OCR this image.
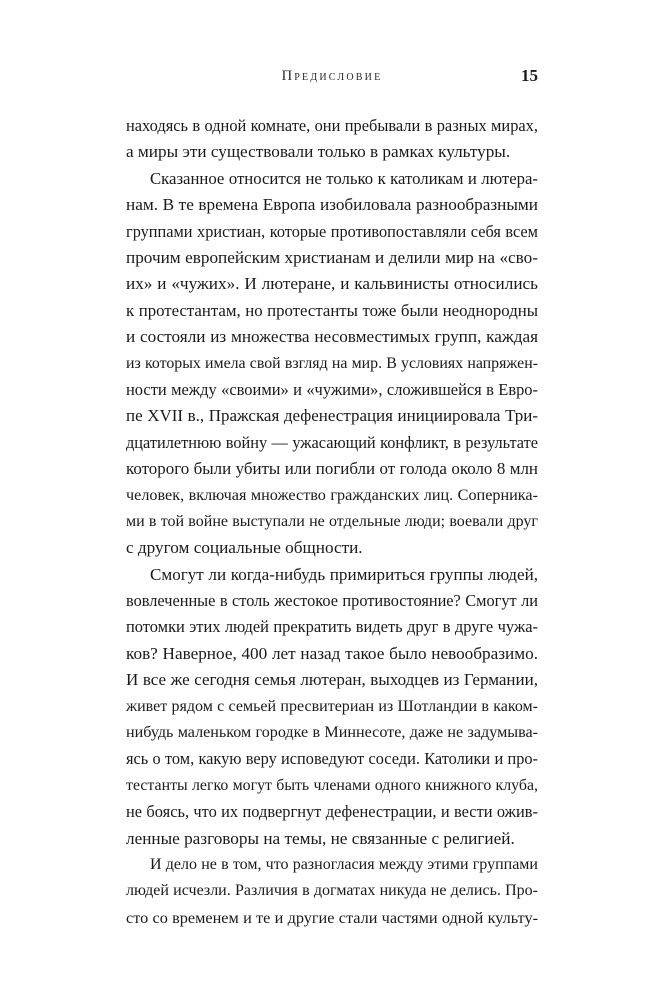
Предисловие	15
находясь в одной комнате, они пребывали в разных мирах,
а миры эти существовали только в рамках культуры.
Сказанное относится не только к католикам и лютера-
нам. В те времена Европа изобиловала разнообразными
группами христиан, которые противопоставляли себя всем
прочим европейским христианам и делили мир на «сво-
их» и «чужих». И лютеране, и кальвинисты относились
к протестантам, но протестанты тоже были неоднородны
и состояли из множества несовместимых групп, каждая
из которых имела свой взгляд на мир. В условиях напряжен-
ности между «своими» и «чужими», сложившейся в Евро-
пе XVII в., Пражская дефенестрация инициировала Три-
дцатилетнюю войну — ужасающий конфликт, в результате
которого были убиты или погибли от голода около 8 млн
человек, включая множество гражданских лиц. Соперника-
ми в той войне выступали не отдельные люди; воевали друг
с другом социальные общности.
Смогут ли когда-нибудь примириться группы людей,
вовлеченные в столь жестокое противостояние? Смогут ли
потомки этих людей прекратить видеть друг в друге чужа-
ков? Наверное, 400 лет назад такое было невообразимо.
И все же сегодня семья лютеран, выходцев из Германии,
живет рядом с семьей пресвитериан из Шотландии в каком-
нибудь маленьком городке в Миннесоте, даже не задумыва-
ясь о том, какую веру исповедуют соседи. Католики и про-
тестанты легко могут быть членами одного книжного клуба,
не боясь, что их подвергнут дефенестрации, и вести ожив-
ленные разговоры на темы, не связанные с религией.
И дело не в том, что разногласия между этими группами
людей исчезли. Различия в догматах никуда не делись. Про-
сто со временем и те и другие стали частями одной культу-
